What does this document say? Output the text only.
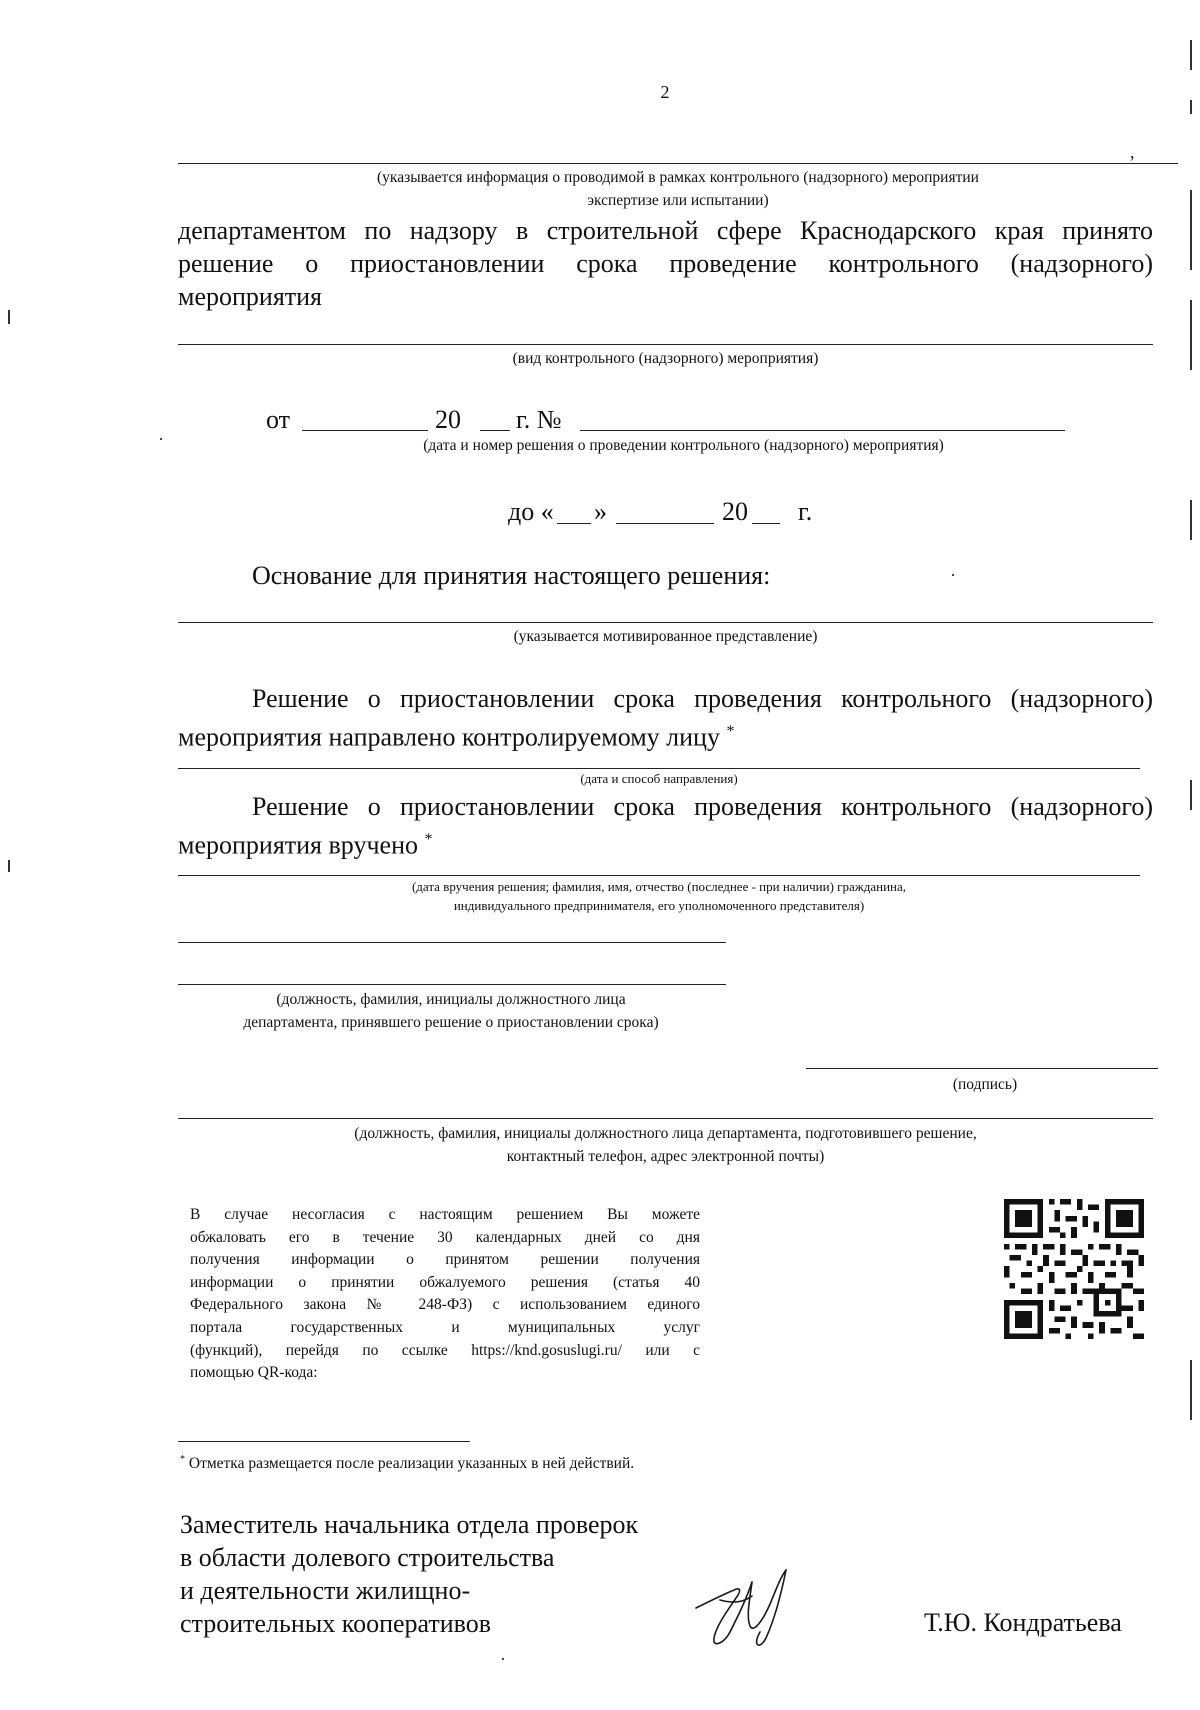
2
,
(указывается информация о проводимой в рамках контрольного (надзорного) мероприятии
экспертизе или испытании)
департаментом по надзору в строительной сфере Краснодарского края принято
решение о приостановлении срока проведение контрольного (надзорного)
мероприятия
(вид контрольного (надзорного) мероприятия)
от	20 г. №
(дата и номер решения о проведении контрольного (надзорного) мероприятия)
до « »	20 г.
Основание для принятия настоящего решения:
(указывается мотивированное представление)
Решение о приостановлении срока проведения контрольного (надзорного)
мероприятия направлено контролируемому лицу *
(дата и способ направления)
Решение о приостановлении срока проведения контрольного (надзорного)
мероприятия вручено *
(дата вручения решения; фамилия, имя, отчество (последнее - при наличии) гражданина,
индивидуального предпринимателя, его уполномоченного представителя)
(должность, фамилия, инициалы должностного лица
департамента, принявшего решение о приостановлении срока)
(подпись)
(должность, фамилия, инициалы должностного лица департамента, подготовившего решение,
контактный телефон, адрес электронной почты)
В случае несогласия с настоящим решением Вы можете
обжаловать его в течение 30 календарных дней со дня
получения информации о принятом решении получения
информации о принятии обжалуемого решения (статья 40
Федерального закона № 248-ФЗ) с использованием единого
портала государственных и муниципальных услуг
(функций), перейдя по ссылке https://knd.gosuslugi.ru/ или с
помощью QR-кода:
* Отметка размещается после реализации указанных в ней действий.
Заместитель начальника отдела проверок
в области долевого строительства
и деятельности жилищно-
строительных кооперативов	Т.Ю. Кондратьева
